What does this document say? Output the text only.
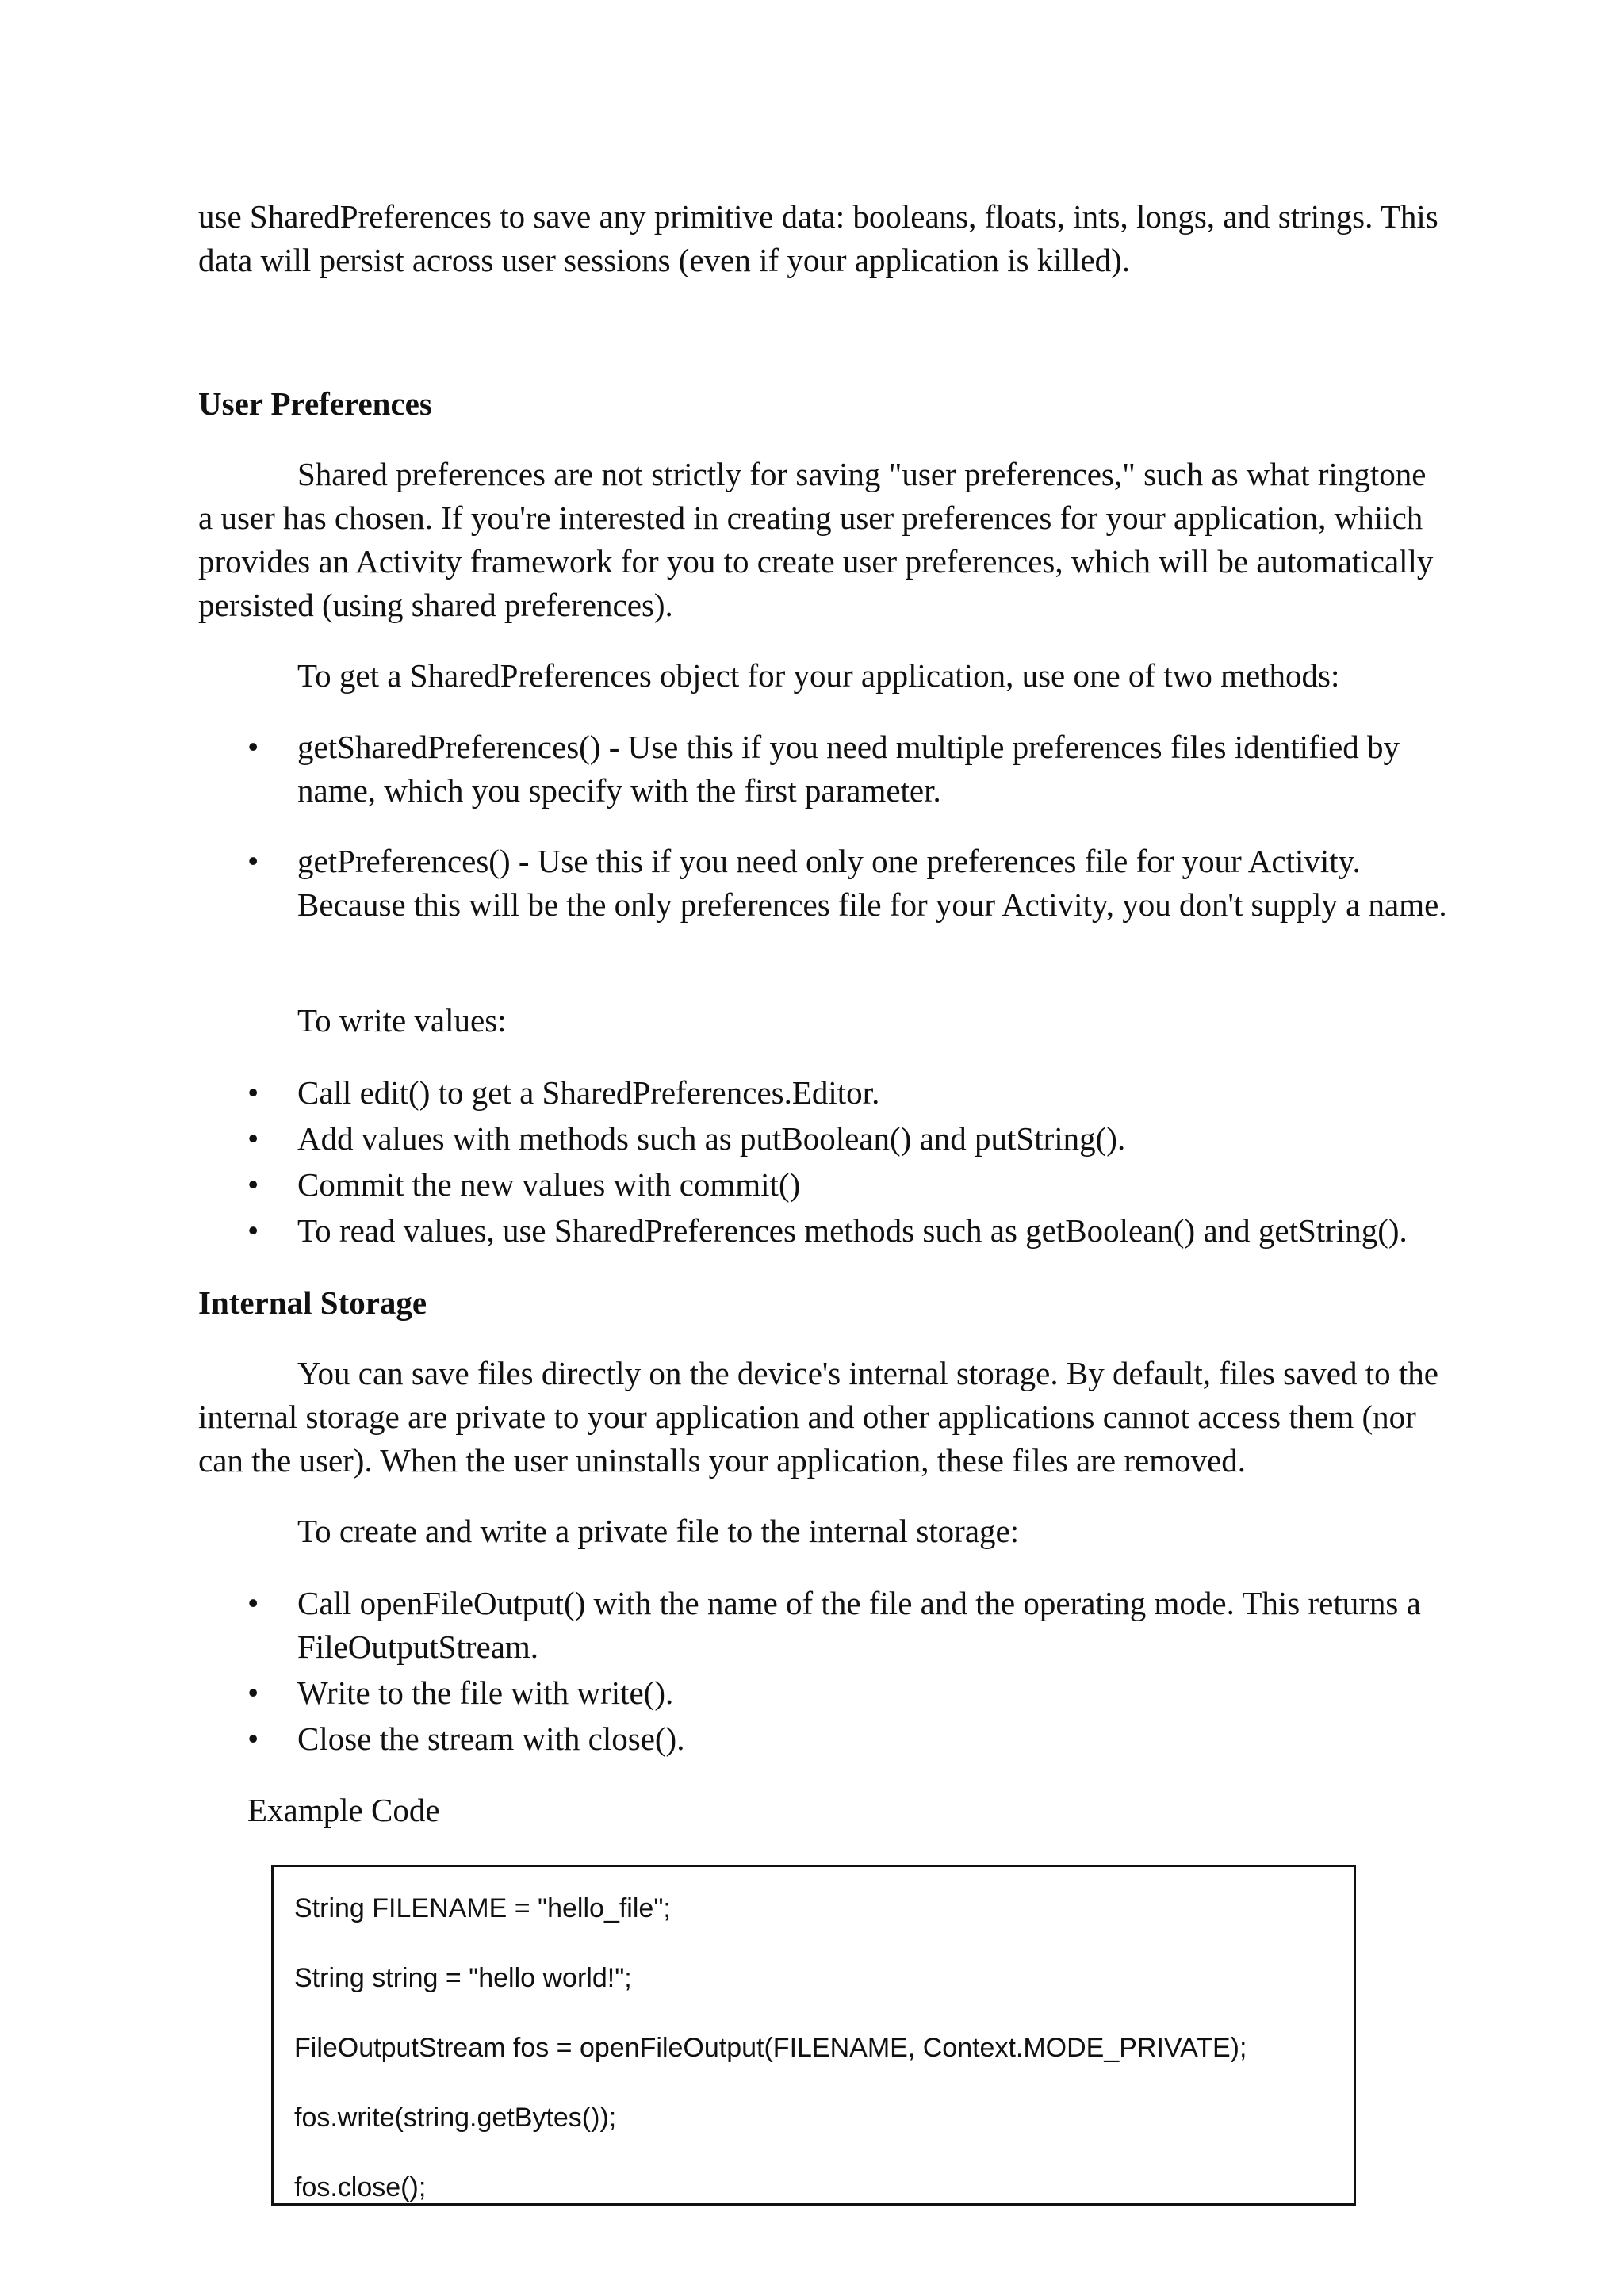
use SharedPreferences to save any primitive data: booleans, floats, ints, longs, and strings. This data will persist across user sessions (even if your application is killed).

User Preferences

Shared preferences are not strictly for saving "user preferences," such as what ringtone a user has chosen. If you're interested in creating user preferences for your application, whiich provides an Activity framework for you to create user preferences, which will be automatically persisted (using shared preferences).

To get a SharedPreferences object for your application, use one of two methods:

• getSharedPreferences() - Use this if you need multiple preferences files identified by name, which you specify with the first parameter.
• getPreferences() - Use this if you need only one preferences file for your Activity. Because this will be the only preferences file for your Activity, you don't supply a name.

To write values:

• Call edit() to get a SharedPreferences.Editor.
• Add values with methods such as putBoolean() and putString().
• Commit the new values with commit()
• To read values, use SharedPreferences methods such as getBoolean() and getString().
Internal Storage

You can save files directly on the device's internal storage. By default, files saved to the internal storage are private to your application and other applications cannot access them (nor can the user). When the user uninstalls your application, these files are removed.

To create and write a private file to the internal storage:

• Call openFileOutput() with the name of the file and the operating mode. This returns a FileOutputStream.
• Write to the file with write().
• Close the stream with close().

Example Code

String FILENAME = "hello_file";

String string = "hello world!";

FileOutputStream fos = openFileOutput(FILENAME, Context.MODE_PRIVATE);

fos.write(string.getBytes());

fos.close();
